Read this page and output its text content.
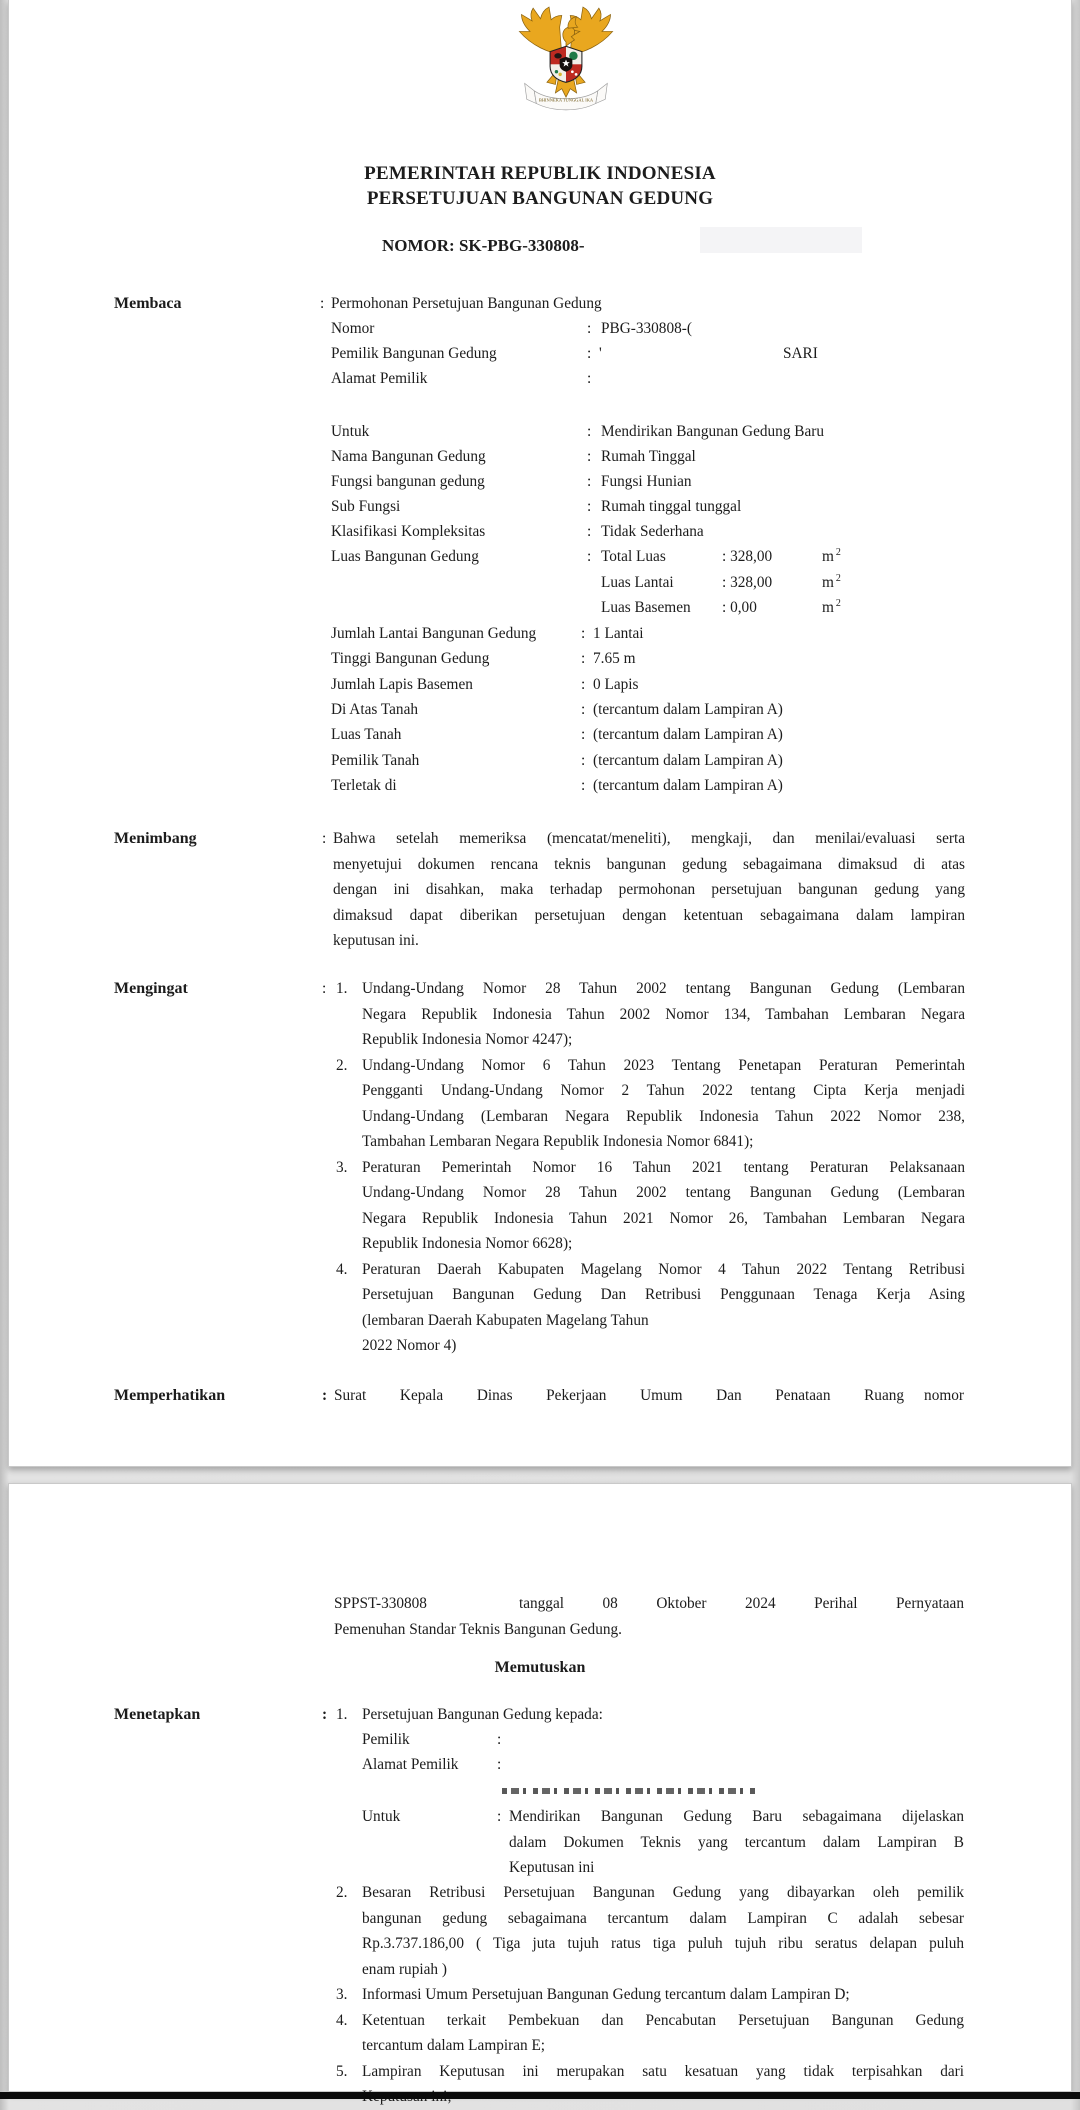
BHINNEKA TUNGGAL IKA
PEMERINTAH REPUBLIK INDONESIA
PERSETUJUAN BANGUNAN GEDUNG
NOMOR: SK-PBG-330808-
Membaca	: Permohonan Persetujuan Bangunan Gedung
Nomor	: PBG-330808-(
Pemilik Bangunan Gedung	: '	SARI
Alamat Pemilik	:
Untuk	: Mendirikan Bangunan Gedung Baru
Nama Bangunan Gedung	: Rumah Tinggal
Fungsi bangunan gedung	: Fungsi Hunian
Sub Fungsi	: Rumah tinggal tunggal
Klasifikasi Kompleksitas	: Tidak Sederhana
Luas Bangunan Gedung	: Total Luas	: 328,00	m $^2$
Luas Lantai	: 328,00	m $^2$
Luas Basemen : 0,00	m $^2$
Jumlah Lantai Bangunan Gedung	: 1 Lantai
Tinggi Bangunan Gedung	: 7.65 m
Jumlah Lapis Basemen	: 0 Lapis
Di Atas Tanah	: (tercantum dalam Lampiran A)
Luas Tanah	: (tercantum dalam Lampiran A)
Pemilik Tanah	: (tercantum dalam Lampiran A)
Terletak di	: (tercantum dalam Lampiran A)
Menimbang	: Bahwa setelah memeriksa (mencatat/meneliti), mengkaji, dan menilai/evaluasi serta
menyetujui dokumen rencana teknis bangunan gedung sebagaimana dimaksud di atas
dengan ini disahkan, maka terhadap permohonan persetujuan bangunan gedung yang
dimaksud dapat diberikan persetujuan dengan ketentuan sebagaimana dalam lampiran
keputusan ini.
Mengingat	: 1. Undang-Undang Nomor 28 Tahun 2002 tentang Bangunan Gedung (Lembaran
Negara Republik Indonesia Tahun 2002 Nomor 134, Tambahan Lembaran Negara
Republik Indonesia Nomor 4247);
2. Undang-Undang Nomor 6 Tahun 2023 Tentang Penetapan Peraturan Pemerintah
Pengganti Undang-Undang Nomor 2 Tahun 2022 tentang Cipta Kerja menjadi
Undang-Undang (Lembaran Negara Republik Indonesia Tahun 2022 Nomor 238,
Tambahan Lembaran Negara Republik Indonesia Nomor 6841);
3. Peraturan Pemerintah Nomor 16 Tahun 2021 tentang Peraturan Pelaksanaan
Undang-Undang Nomor 28 Tahun 2002 tentang Bangunan Gedung (Lembaran
Negara Republik Indonesia Tahun 2021 Nomor 26, Tambahan Lembaran Negara
Republik Indonesia Nomor 6628);
4. Peraturan Daerah Kabupaten Magelang Nomor 4 Tahun 2022 Tentang Retribusi
Persetujuan Bangunan Gedung Dan Retribusi Penggunaan Tenaga Kerja Asing
(lembaran Daerah Kabupaten Magelang Tahun
2022 Nomor 4)
Memperhatikan	: Surat Kepala Dinas Pekerjaan Umum Dan Penataan Ruang nomor
SPPST-330808	tanggal 08 Oktober 2024 Perihal Pernyataan
Pemenuhan Standar Teknis Bangunan Gedung.
Memutuskan
Menetapkan	: 1. Persetujuan Bangunan Gedung kepada:
Pemilik	:
Alamat Pemilik	:
Untuk	: Mendirikan Bangunan Gedung Baru sebagaimana dijelaskan
dalam Dokumen Teknis yang tercantum dalam Lampiran B
Keputusan ini
2. Besaran Retribusi Persetujuan Bangunan Gedung yang dibayarkan oleh pemilik
bangunan gedung sebagaimana tercantum dalam Lampiran C adalah sebesar
Rp.3.737.186,00 ( Tiga juta tujuh ratus tiga puluh tujuh ribu seratus delapan puluh
enam rupiah )
3. Informasi Umum Persetujuan Bangunan Gedung tercantum dalam Lampiran D;
4. Ketentuan terkait Pembekuan dan Pencabutan Persetujuan Bangunan Gedung
tercantum dalam Lampiran E;
5. Lampiran Keputusan ini merupakan satu kesatuan yang tidak terpisahkan dari
